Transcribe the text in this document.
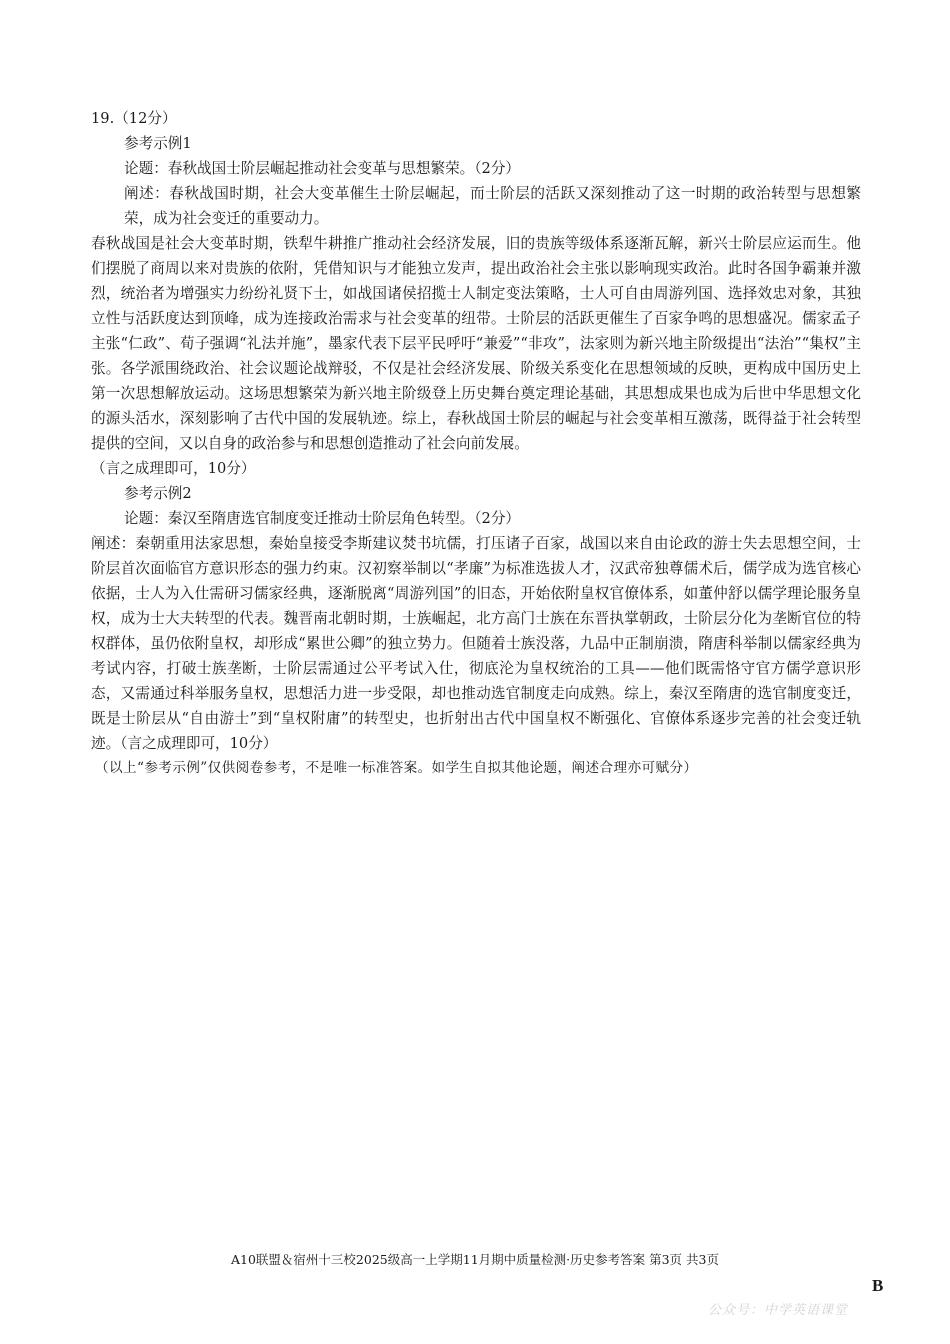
19.（12分）

参考示例1

论题：春秋战国士阶层崛起推动社会变革与思想繁荣。（2分）

阐述：春秋战国时期，社会大变革催生士阶层崛起，而士阶层的活跃又深刻推动了这一时期的政治转型与思想繁荣，成为社会变迁的重要动力。

春秋战国是社会大变革时期，铁犁牛耕推广推动社会经济发展，旧的贵族等级体系逐渐瓦解，新兴士阶层应运而生。他们摆脱了商周以来对贵族的依附，凭借知识与才能独立发声，提出政治社会主张以影响现实政治。此时各国争霸兼并激烈，统治者为增强实力纷纷礼贤下士，如战国诸侯招揽士人制定变法策略，士人可自由周游列国、选择效忠对象，其独立性与活跃度达到顶峰，成为连接政治需求与社会变革的纽带。士阶层的活跃更催生了百家争鸣的思想盛况。儒家孟子主张“仁政”、荀子强调“礼法并施”，墨家代表下层平民呼吁“兼爱”“非攻”，法家则为新兴地主阶级提出“法治”“集权”主张。各学派围绕政治、社会议题论战辩驳，不仅是社会经济发展、阶级关系变化在思想领域的反映，更构成中国历史上第一次思想解放运动。这场思想繁荣为新兴地主阶级登上历史舞台奠定理论基础，其思想成果也成为后世中华思想文化的源头活水，深刻影响了古代中国的发展轨迹。综上，春秋战国士阶层的崛起与社会变革相互激荡，既得益于社会转型提供的空间，又以自身的政治参与和思想创造推动了社会向前发展。

（言之成理即可，10分）

参考示例2

论题：秦汉至隋唐选官制度变迁推动士阶层角色转型。（2分）

阐述：秦朝重用法家思想，秦始皇接受李斯建议焚书坑儒，打压诸子百家，战国以来自由论政的游士失去思想空间，士阶层首次面临官方意识形态的强力约束。汉初察举制以“孝廉”为标准选拔人才，汉武帝独尊儒术后，儒学成为选官核心依据，士人为入仕需研习儒家经典，逐渐脱离“周游列国”的旧态，开始依附皇权官僚体系，如董仲舒以儒学理论服务皇权，成为士大夫转型的代表。魏晋南北朝时期，士族崛起，北方高门士族在东晋执掌朝政，士阶层分化为垄断官位的特权群体，虽仍依附皇权，却形成“累世公卿”的独立势力。但随着士族没落，九品中正制崩溃，隋唐科举制以儒家经典为考试内容，打破士族垄断，士阶层需通过公平考试入仕，彻底沦为皇权统治的工具——他们既需恪守官方儒学意识形态，又需通过科举服务皇权，思想活力进一步受限，却也推动选官制度走向成熟。综上，秦汉至隋唐的选官制度变迁，既是士阶层从“自由游士”到“皇权附庸”的转型史，也折射出古代中国皇权不断强化、官僚体系逐步完善的社会变迁轨迹。（言之成理即可，10分）

（以上“参考示例”仅供阅卷参考，不是唯一标准答案。如学生自拟其他论题，阐述合理亦可赋分）

A10联盟＆宿州十三校2025级高一上学期11月期中质量检测·历史参考答案 第3页 共3页
B
公众号：中学英语课堂
